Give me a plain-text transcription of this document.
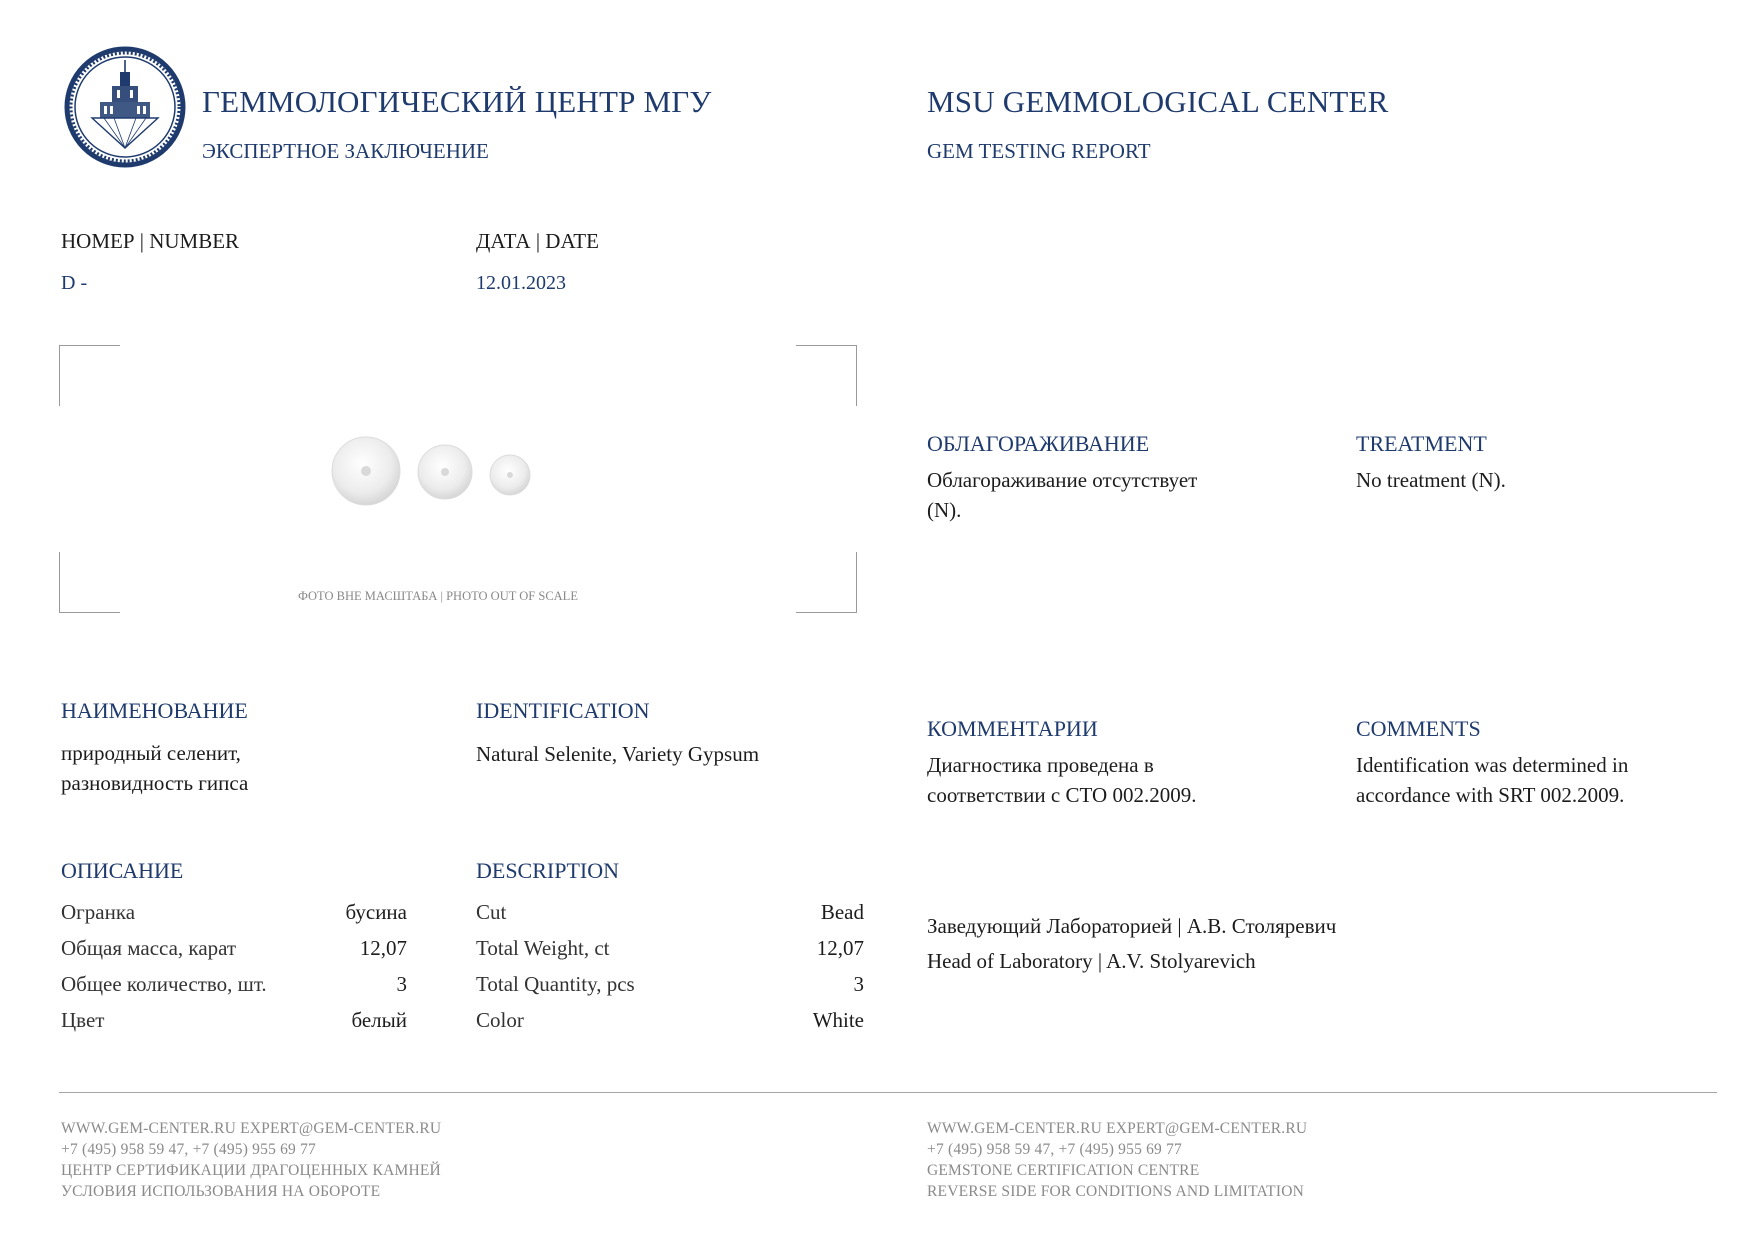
ГЕММОЛОГИЧЕСКИЙ ЦЕНТР МГУ
ЭКСПЕРТНОЕ ЗАКЛЮЧЕНИЕ
MSU GEMMOLOGICAL CENTER
GEM TESTING REPORT
НОМЕР | NUMBER
D -
ДАТА | DATE
12.01.2023
ФОТО ВНЕ МАСШТАБА | PHOTO OUT OF SCALE
НАИМЕНОВАНИЕ
природный селенит,
разновидность гипса
IDENTIFICATION
Natural Selenite, Variety Gypsum
ОПИСАНИЕ	DESCRIPTION
Огранка	бусина
Общая масса, карат	12,07
Общее количество, шт.	3
Цвет	белый
Cut	Bead
Total Weight, ct	12,07
Total Quantity, pcs	3
Color	White
ОБЛАГОРАЖИВАНИЕ
Облагораживание отсутствует
(N).
TREATMENT
No treatment (N).
КОММЕНТАРИИ
Диагностика проведена в
соответствии с СТО 002.2009.
COMMENTS
Identification was determined in
accordance with SRT 002.2009.
Заведующий Лабораторией | А.В. Столяревич
Head of Laboratory | A.V. Stolyarevich
WWW.GEM-CENTER.RU EXPERT@GEM-CENTER.RU
+7 (495) 958 59 47, +7 (495) 955 69 77
ЦЕНТР СЕРТИФИКАЦИИ ДРАГОЦЕННЫХ КАМНЕЙ
УСЛОВИЯ ИСПОЛЬЗОВАНИЯ НА ОБОРОТЕ
WWW.GEM-CENTER.RU EXPERT@GEM-CENTER.RU
+7 (495) 958 59 47, +7 (495) 955 69 77
GEMSTONE CERTIFICATION CENTRE
REVERSE SIDE FOR CONDITIONS AND LIMITATION
